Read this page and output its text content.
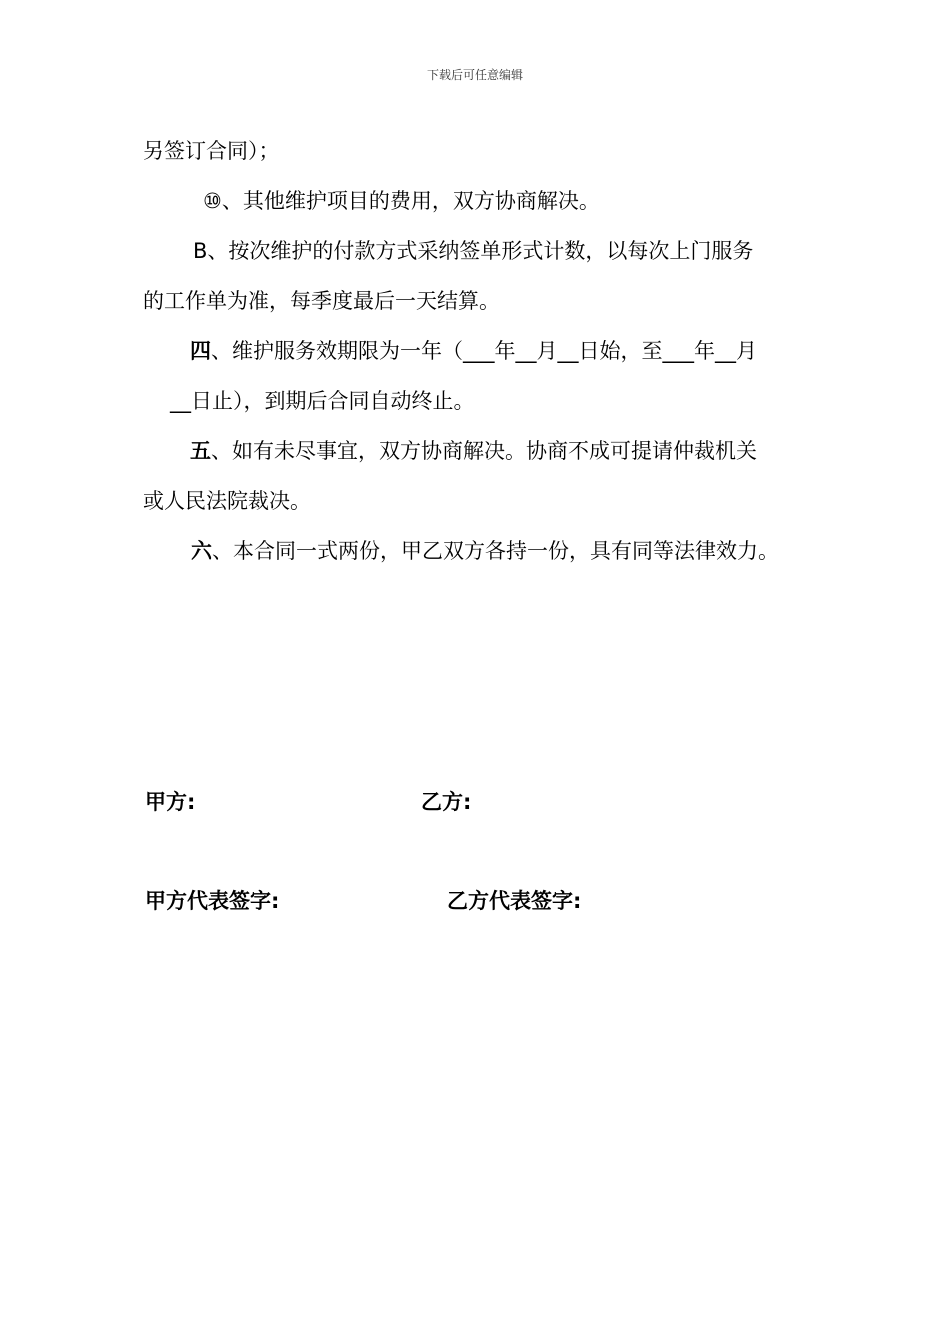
下载后可任意编辑
另签订合同）；
⑩、其他维护项目的费用，双方协商解决。
B、按次维护的付款方式采纳签单形式计数，以每次上门服务
的工作单为准，每季度最后一天结算。
四、维护服务效期限为一年（___年__月__日始，至___年__月
__日止），到期后合同自动终止。
五、如有未尽事宜，双方协商解决。协商不成可提请仲裁机关
或人民法院裁决。
六、本合同一式两份，甲乙双方各持一份，具有同等法律效力。
甲方:	乙方:
甲方代表签字:	乙方代表签字:
